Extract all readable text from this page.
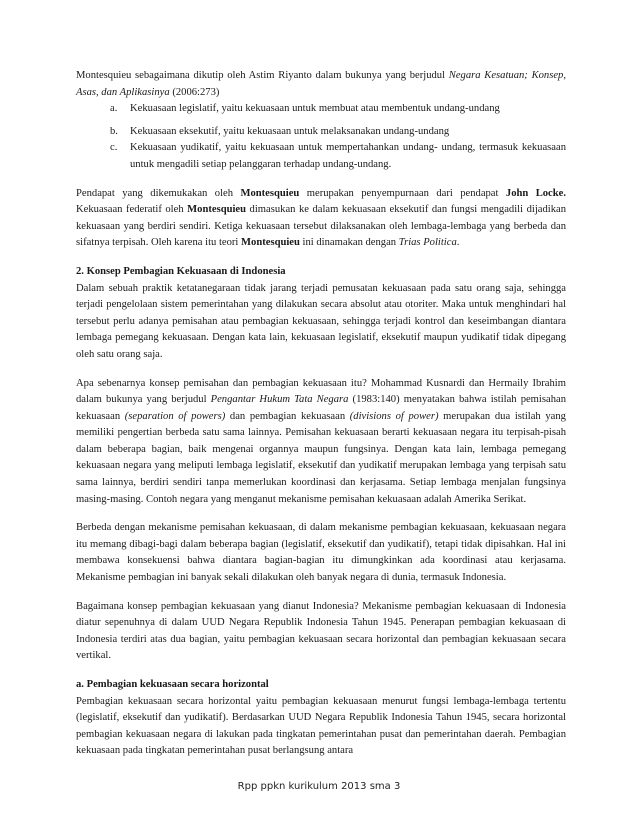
Montesquieu sebagaimana dikutip oleh Astim Riyanto dalam bukunya yang berjudul Negara Kesatuan; Konsep, Asas, dan Aplikasinya (2006:273)

a.	Kekuasaan legislatif, yaitu kekuasaan untuk membuat atau membentuk undang-undang
b.	Kekuasaan eksekutif, yaitu kekuasaan untuk melaksanakan undang-undang
c.	Kekuasaan yudikatif, yaitu kekuasaan untuk mempertahankan undang- undang, termasuk kekuasaan untuk mengadili setiap pelanggaran terhadap undang-undang.

Pendapat yang dikemukakan oleh Montesquieu merupakan penyempurnaan dari pendapat John Locke. Kekuasaan federatif oleh Montesquieu dimasukan ke dalam kekuasaan eksekutif dan fungsi mengadili dijadikan kekuasaan yang berdiri sendiri. Ketiga kekuasaan tersebut dilaksanakan oleh lembaga-lembaga yang berbeda dan sifatnya terpisah. Oleh karena itu teori Montesquieu ini dinamakan dengan Trias Politica.

2. Konsep Pembagian Kekuasaan di Indonesia

Dalam sebuah praktik ketatanegaraan tidak jarang terjadi pemusatan kekuasaan pada satu orang saja, sehingga terjadi pengelolaan sistem pemerintahan yang dilakukan secara absolut atau otoriter. Maka untuk menghindari hal tersebut perlu adanya pemisahan atau pembagian kekuasaan, sehingga terjadi kontrol dan keseimbangan diantara lembaga pemegang kekuasaan. Dengan kata lain, kekuasaan legislatif, eksekutif maupun yudikatif tidak dipegang oleh satu orang saja.

Apa sebenarnya konsep pemisahan dan pembagian kekuasaan itu? Mohammad Kusnardi dan Hermaily Ibrahim dalam bukunya yang berjudul Pengantar Hukum Tata Negara (1983:140) menyatakan bahwa istilah pemisahan kekuasaan (separation of powers) dan pembagian kekuasaan (divisions of power) merupakan dua istilah yang memiliki pengertian berbeda satu sama lainnya. Pemisahan kekuasaan berarti kekuasaan negara itu terpisah-pisah dalam beberapa bagian, baik mengenai organnya maupun fungsinya. Dengan kata lain, lembaga pemegang kekuasaan negara yang meliputi lembaga legislatif, eksekutif dan yudikatif merupakan lembaga yang terpisah satu sama lainnya, berdiri sendiri tanpa memerlukan koordinasi dan kerjasama. Setiap lembaga menjalan fungsinya masing-masing. Contoh negara yang menganut mekanisme pemisahan kekuasaan adalah Amerika Serikat.

Berbeda dengan mekanisme pemisahan kekuasaan, di dalam mekanisme pembagian kekuasaan, kekuasaan negara itu memang dibagi-bagi dalam beberapa bagian (legislatif, eksekutif dan yudikatif), tetapi tidak dipisahkan. Hal ini membawa konsekuensi bahwa diantara bagian-bagian itu dimungkinkan ada koordinasi atau kerjasama. Mekanisme pembagian ini banyak sekali dilakukan oleh banyak negara di dunia, termasuk Indonesia.

Bagaimana konsep pembagian kekuasaan yang dianut Indonesia? Mekanisme pembagian kekuasaan di Indonesia diatur sepenuhnya di dalam UUD Negara Republik Indonesia Tahun 1945. Penerapan pembagian kekuasaan di Indonesia terdiri atas dua bagian, yaitu pembagian kekuasaan secara horizontal dan pembagian kekuasaan secara vertikal.

a. Pembagian kekuasaan secara horizontal

Pembagian kekuasaan secara horizontal yaitu pembagian kekuasaan menurut fungsi lembaga-lembaga tertentu (legislatif, eksekutif dan yudikatif). Berdasarkan UUD Negara Republik Indonesia Tahun 1945, secara horizontal pembagian kekuasaan negara di lakukan pada tingkatan pemerintahan pusat dan pemerintahan daerah. Pembagian kekuasaan pada tingkatan pemerintahan pusat berlangsung antara

Rpp ppkn kurikulum 2013 sma 3
